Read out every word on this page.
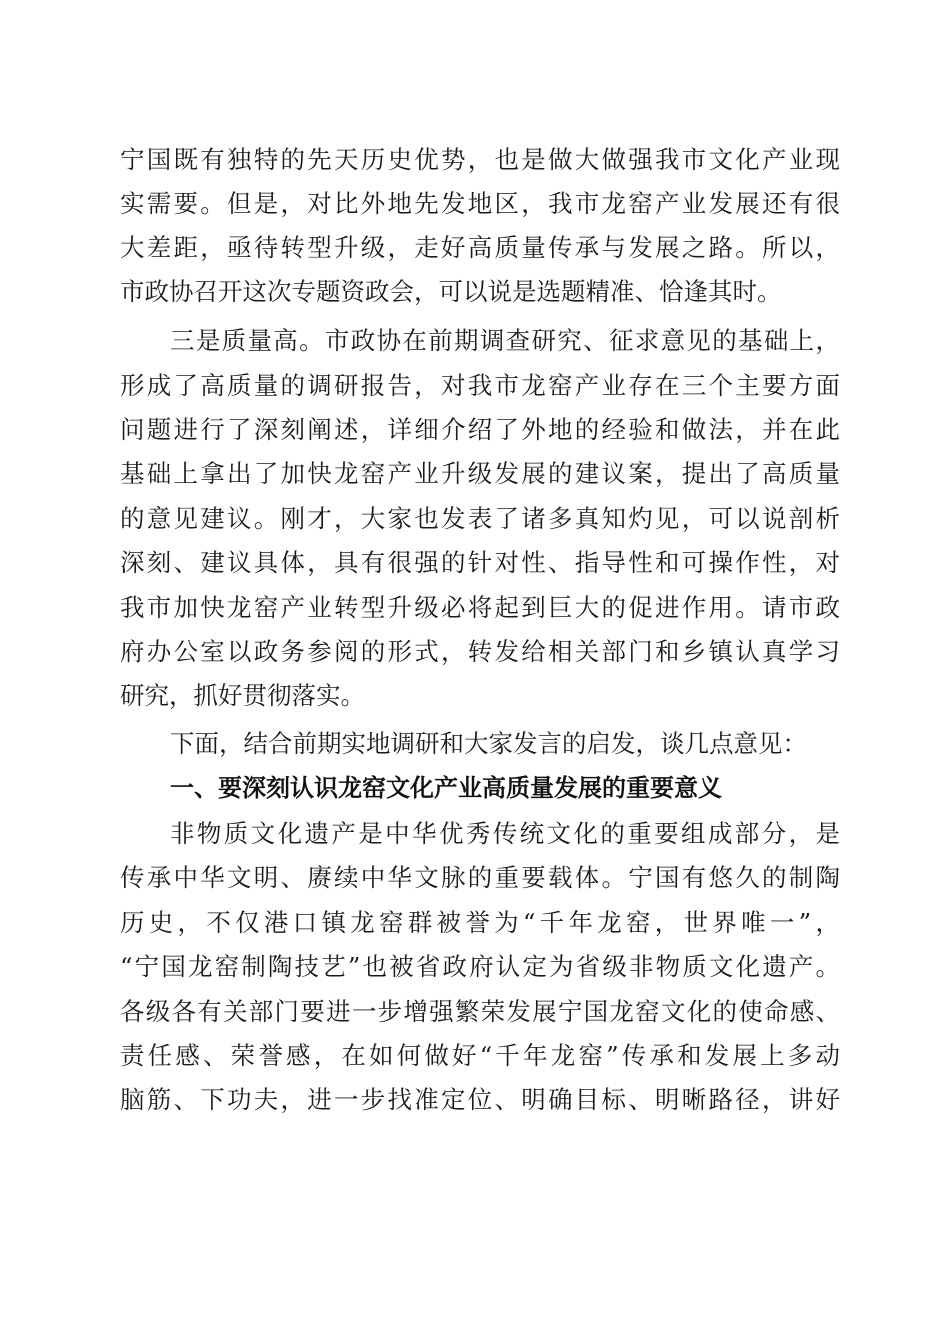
宁国既有独特的先天历史优势，也是做大做强我市文化产业现
实需要。但是，对比外地先发地区，我市龙窑产业发展还有很
大差距，亟待转型升级，走好高质量传承与发展之路。所以，
市政协召开这次专题资政会，可以说是选题精准、恰逢其时。
三是质量高。市政协在前期调查研究、征求意见的基础上，
形成了高质量的调研报告，对我市龙窑产业存在三个主要方面
问题进行了深刻阐述，详细介绍了外地的经验和做法，并在此
基础上拿出了加快龙窑产业升级发展的建议案，提出了高质量
的意见建议。刚才，大家也发表了诸多真知灼见，可以说剖析
深刻、建议具体，具有很强的针对性、指导性和可操作性，对
我市加快龙窑产业转型升级必将起到巨大的促进作用。请市政
府办公室以政务参阅的形式，转发给相关部门和乡镇认真学习
研究，抓好贯彻落实。
下面，结合前期实地调研和大家发言的启发，谈几点意见：
一、要深刻认识龙窑文化产业高质量发展的重要意义
非物质文化遗产是中华优秀传统文化的重要组成部分，是
传承中华文明、赓续中华文脉的重要载体。宁国有悠久的制陶
历史，不仅港口镇龙窑群被誉为“千年龙窑，世界唯一”，
“宁国龙窑制陶技艺”也被省政府认定为省级非物质文化遗产。
各级各有关部门要进一步增强繁荣发展宁国龙窑文化的使命感、
责任感、荣誉感，在如何做好“千年龙窑”传承和发展上多动
脑筋、下功夫，进一步找准定位、明确目标、明晰路径，讲好
